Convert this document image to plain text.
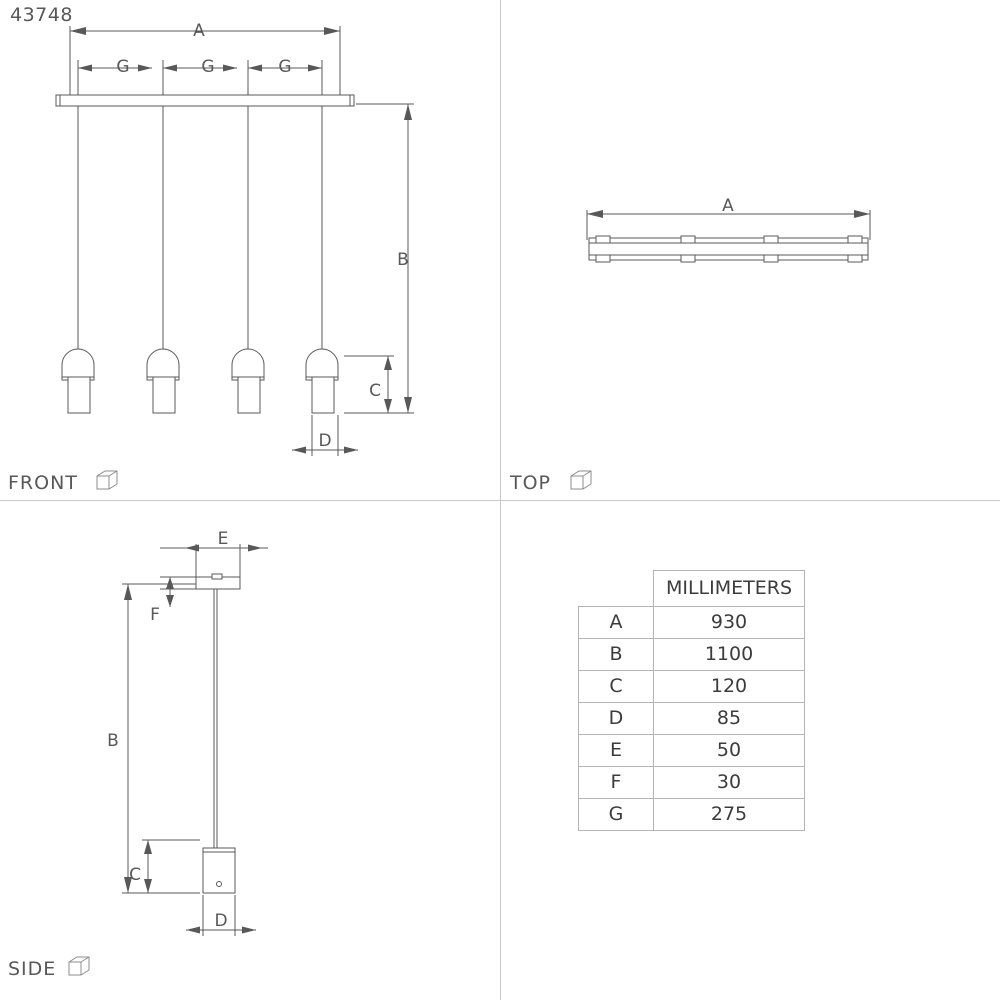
43748
A
G	G	G
B
C
D
FRONT
A
TOP
E
F
B
C
D
SIDE
	MILLIMETERS
A	930
B	1100
C	120
D	85
E	50
F	30
G	275
